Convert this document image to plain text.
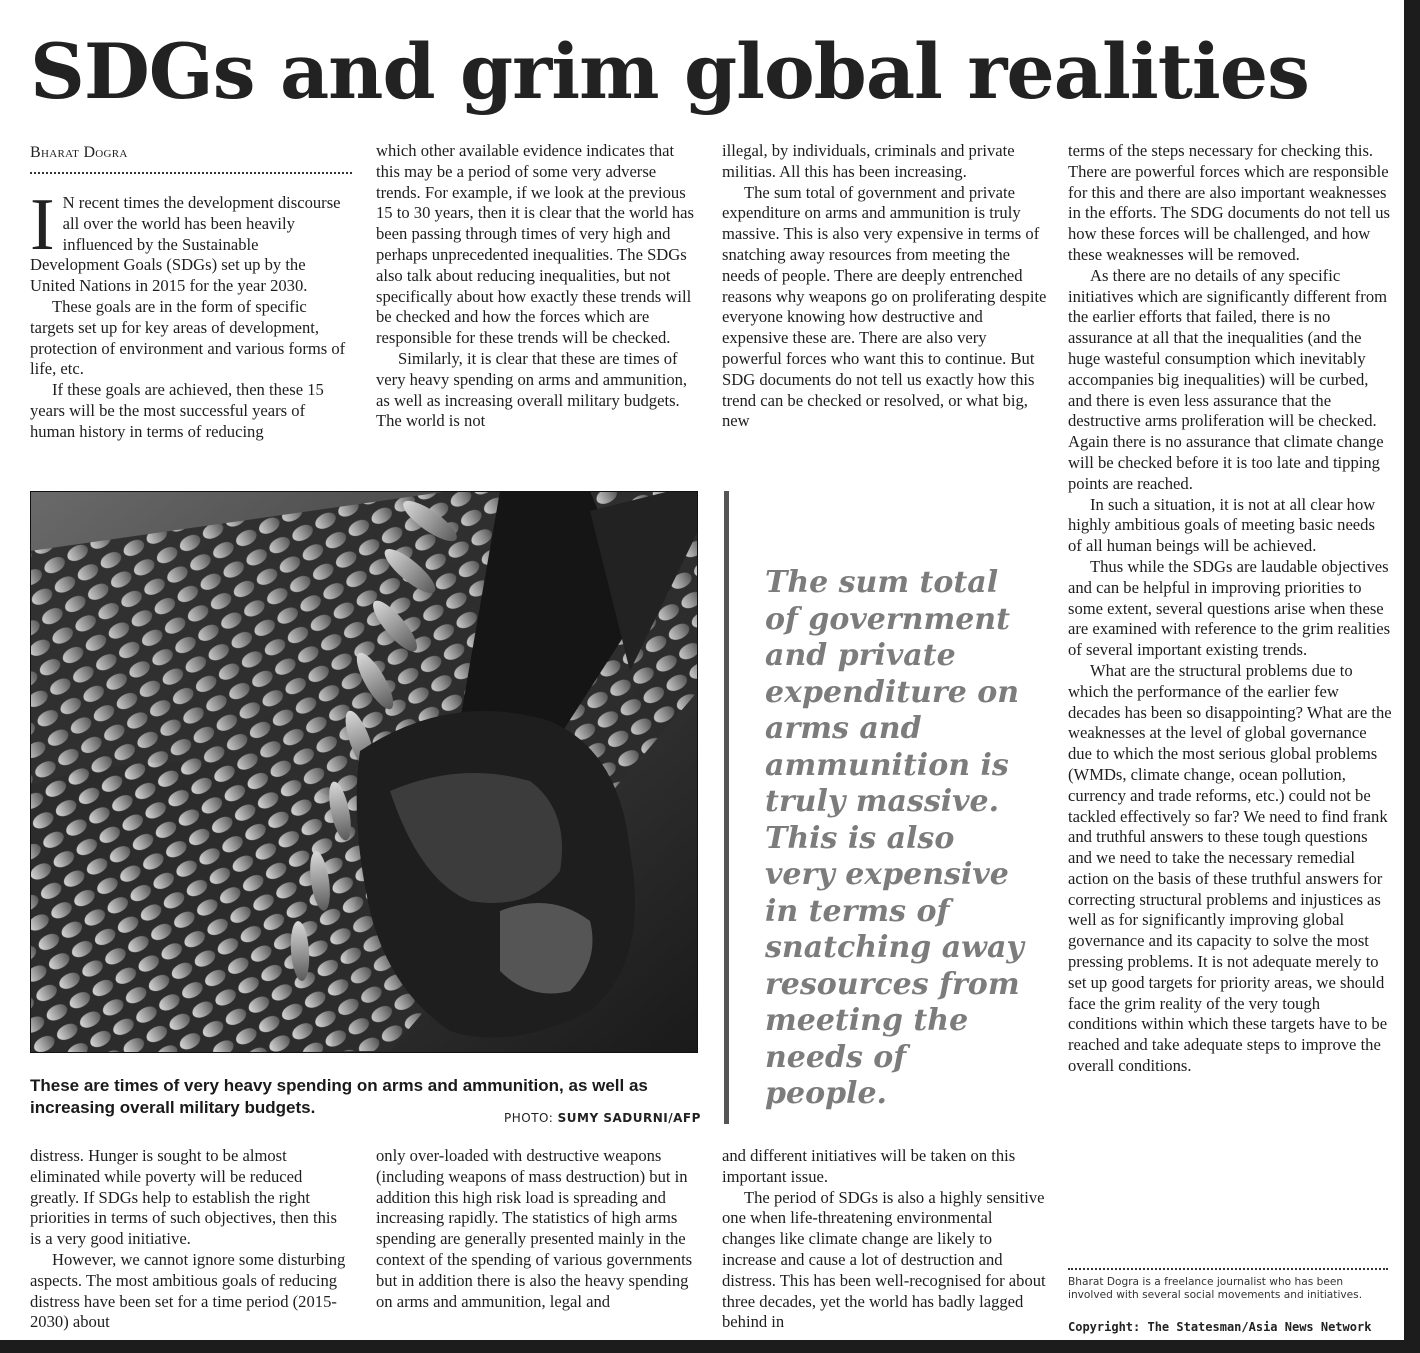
SDGs and grim global realities
Bharat Dogra

I N recent times the development discourse all over the world has been heavily influenced by the Sustainable Development Goals (SDGs) set up by the United Nations in 2015 for the year 2030.

These goals are in the form of specific targets set up for key areas of development, protection of environment and various forms of life, etc.

If these goals are achieved, then these 15 years will be the most successful years of human history in terms of reducing

which other available evidence indicates that this may be a period of some very adverse trends. For example, if we look at the previous 15 to 30 years, then it is clear that the world has been passing through times of very high and perhaps unprecedented inequalities. The SDGs also talk about reducing inequalities, but not specifically about how exactly these trends will be checked and how the forces which are responsible for these trends will be checked.

Similarly, it is clear that these are times of very heavy spending on arms and ammunition, as well as increasing overall military budgets. The world is not

illegal, by individuals, criminals and private militias. All this has been increasing.

The sum total of government and private expenditure on arms and ammunition is truly massive. This is also very expensive in terms of snatching away resources from meeting the needs of people. There are deeply entrenched reasons why weapons go on proliferating despite everyone knowing how destructive and expensive these are. There are also very powerful forces who want this to continue. But SDG documents do not tell us exactly how this trend can be checked or resolved, or what big, new

terms of the steps necessary for checking this. There are powerful forces which are responsible for this and there are also important weaknesses in the efforts. The SDG documents do not tell us how these forces will be challenged, and how these weaknesses will be removed.

As there are no details of any specific initiatives which are significantly different from the earlier efforts that failed, there is no assurance at all that the inequalities (and the huge wasteful consumption which inevitably accompanies big inequalities) will be curbed, and there is even less assurance that the destructive arms proliferation will be checked. Again there is no assurance that climate change will be checked before it is too late and tipping points are reached.

In such a situation, it is not at all clear how highly ambitious goals of meeting basic needs of all human beings will be achieved.

Thus while the SDGs are laudable objectives and can be helpful in improving priorities to some extent, several questions arise when these are examined with reference to the grim realities of several important existing trends.

What are the structural problems due to which the performance of the earlier few decades has been so disappointing? What are the weaknesses at the level of global governance due to which the most serious global problems (WMDs, climate change, ocean pollution, currency and trade reforms, etc.) could not be tackled effectively so far? We need to find frank and truthful answers to these tough questions and we need to take the necessary remedial action on the basis of these truthful answers for correcting structural problems and injustices as well as for significantly improving global governance and its capacity to solve the most pressing problems. It is not adequate merely to set up good targets for priority areas, we should face the grim reality of the very tough conditions within which these targets have to be reached and take adequate steps to improve the overall conditions.

These are times of very heavy spending on arms and ammunition, as well as increasing overall military budgets.
PHOTO: SUMY SADURNI/AFP
The sum total of government and private expenditure on arms and ammunition is truly massive. This is also very expensive in terms of snatching away resources from meeting the needs of people.

distress. Hunger is sought to be almost eliminated while poverty will be reduced greatly. If SDGs help to establish the right priorities in terms of such objectives, then this is a very good initiative.

However, we cannot ignore some disturbing aspects. The most ambitious goals of reducing distress have been set for a time period (2015-2030) about

only over-loaded with destructive weapons (including weapons of mass destruction) but in addition this high risk load is spreading and increasing rapidly. The statistics of high arms spending are generally presented mainly in the context of the spending of various governments but in addition there is also the heavy spending on arms and ammunition, legal and

and different initiatives will be taken on this important issue.

The period of SDGs is also a highly sensitive one when life-threatening environmental changes like climate change are likely to increase and cause a lot of destruction and distress. This has been well-recognised for about three decades, yet the world has badly lagged behind in

Bharat Dogra is a freelance journalist who has been involved with several social movements and initiatives.
Copyright: The Statesman/Asia News Network
